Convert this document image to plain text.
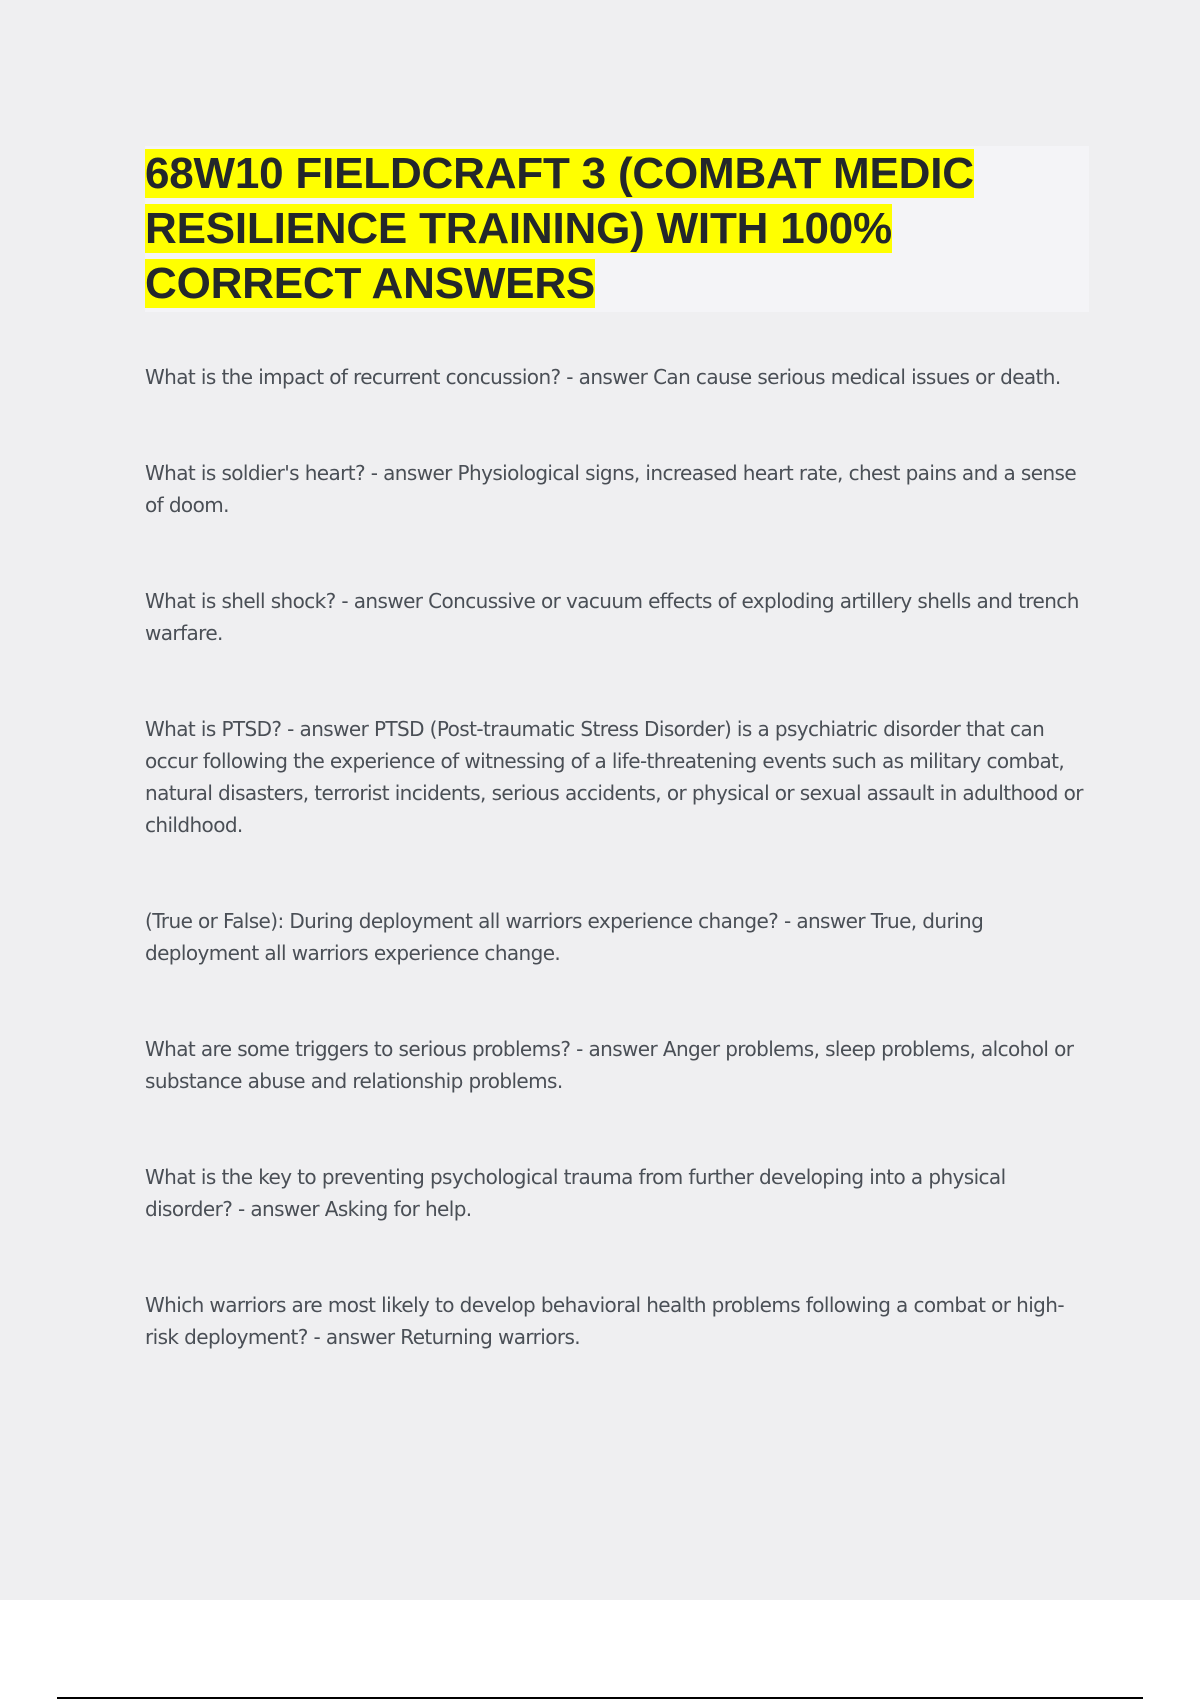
68W10 FIELDCRAFT 3 (COMBAT MEDIC RESILIENCE TRAINING) WITH 100% CORRECT ANSWERS

What is the impact of recurrent concussion? - answer Can cause serious medical issues or death.

What is soldier's heart? - answer Physiological signs, increased heart rate, chest pains and a sense of doom.

What is shell shock? - answer Concussive or vacuum effects of exploding artillery shells and trench warfare.

What is PTSD? - answer PTSD (Post-traumatic Stress Disorder) is a psychiatric disorder that can occur following the experience of witnessing of a life-threatening events such as military combat, natural disasters, terrorist incidents, serious accidents, or physical or sexual assault in adulthood or childhood.

(True or False): During deployment all warriors experience change? - answer True, during deployment all warriors experience change.

What are some triggers to serious problems? - answer Anger problems, sleep problems, alcohol or substance abuse and relationship problems.

What is the key to preventing psychological trauma from further developing into a physical disorder? - answer Asking for help.

Which warriors are most likely to develop behavioral health problems following a combat or high-risk deployment? - answer Returning warriors.
